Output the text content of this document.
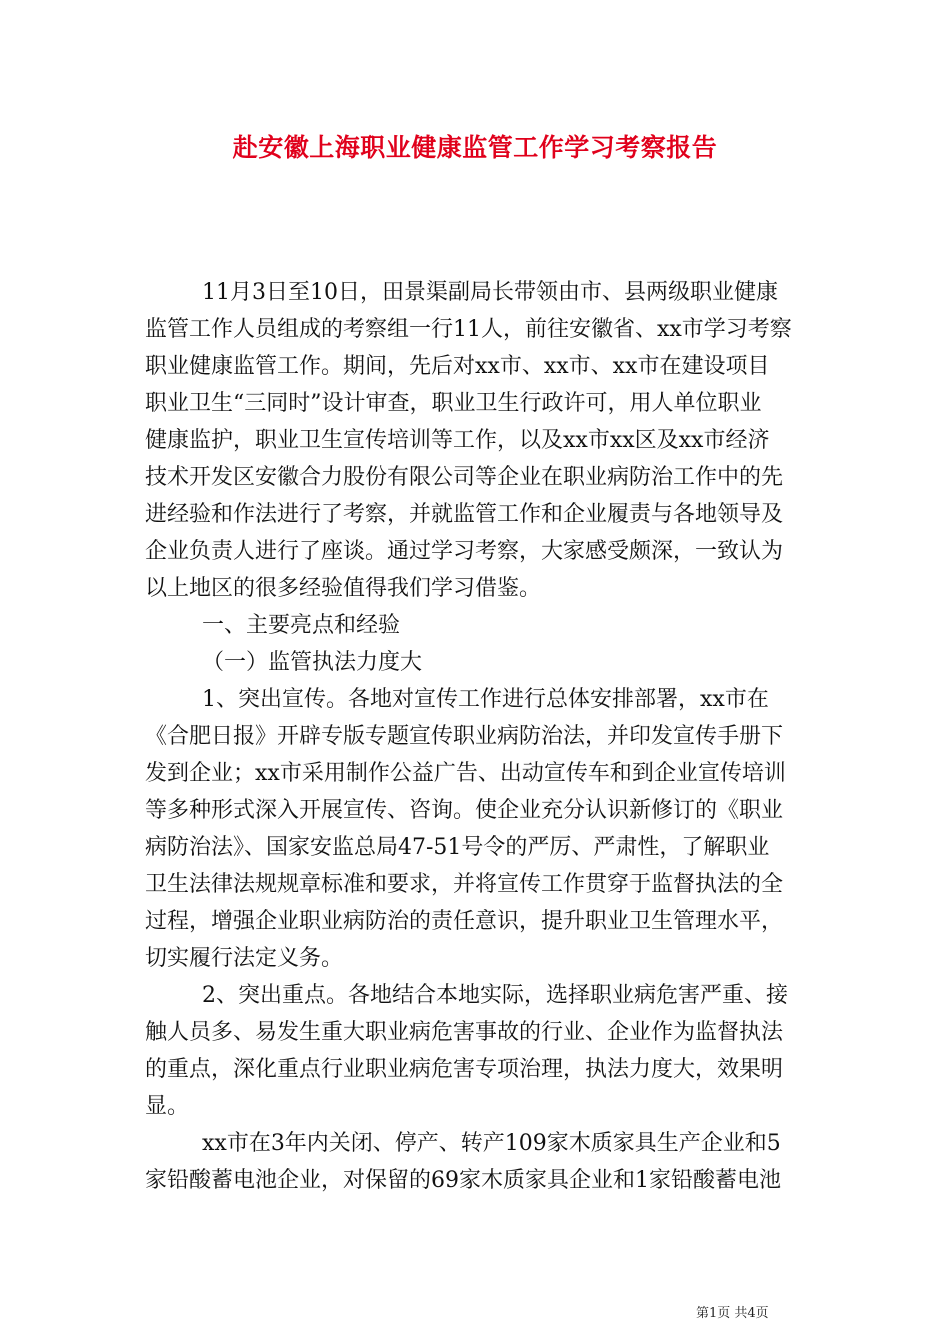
赴安徽上海职业健康监管工作学习考察报告
11月3日至10日，田景渠副局长带领由市、县两级职业健康
监管工作人员组成的考察组一行11人，前往安徽省、xx市学习考察
职业健康监管工作。期间，先后对xx市、xx市、xx市在建设项目
职业卫生“三同时”设计审查，职业卫生行政许可，用人单位职业
健康监护，职业卫生宣传培训等工作，以及xx市xx区及xx市经济
技术开发区安徽合力股份有限公司等企业在职业病防治工作中的先
进经验和作法进行了考察，并就监管工作和企业履责与各地领导及
企业负责人进行了座谈。通过学习考察，大家感受颇深，一致认为
以上地区的很多经验值得我们学习借鉴。
一、主要亮点和经验
（一）监管执法力度大
1、突出宣传。各地对宣传工作进行总体安排部署，xx市在
《合肥日报》开辟专版专题宣传职业病防治法，并印发宣传手册下
发到企业；xx市采用制作公益广告、出动宣传车和到企业宣传培训
等多种形式深入开展宣传、咨询。使企业充分认识新修订的《职业
病防治法》、国家安监总局47-51号令的严厉、严肃性，了解职业
卫生法律法规规章标准和要求，并将宣传工作贯穿于监督执法的全
过程，增强企业职业病防治的责任意识，提升职业卫生管理水平，
切实履行法定义务。
2、突出重点。各地结合本地实际，选择职业病危害严重、接
触人员多、易发生重大职业病危害事故的行业、企业作为监督执法
的重点，深化重点行业职业病危害专项治理，执法力度大，效果明
显。
xx市在3年内关闭、停产、转产109家木质家具生产企业和5
家铅酸蓄电池企业，对保留的69家木质家具企业和1家铅酸蓄电池
第1页 共4页
